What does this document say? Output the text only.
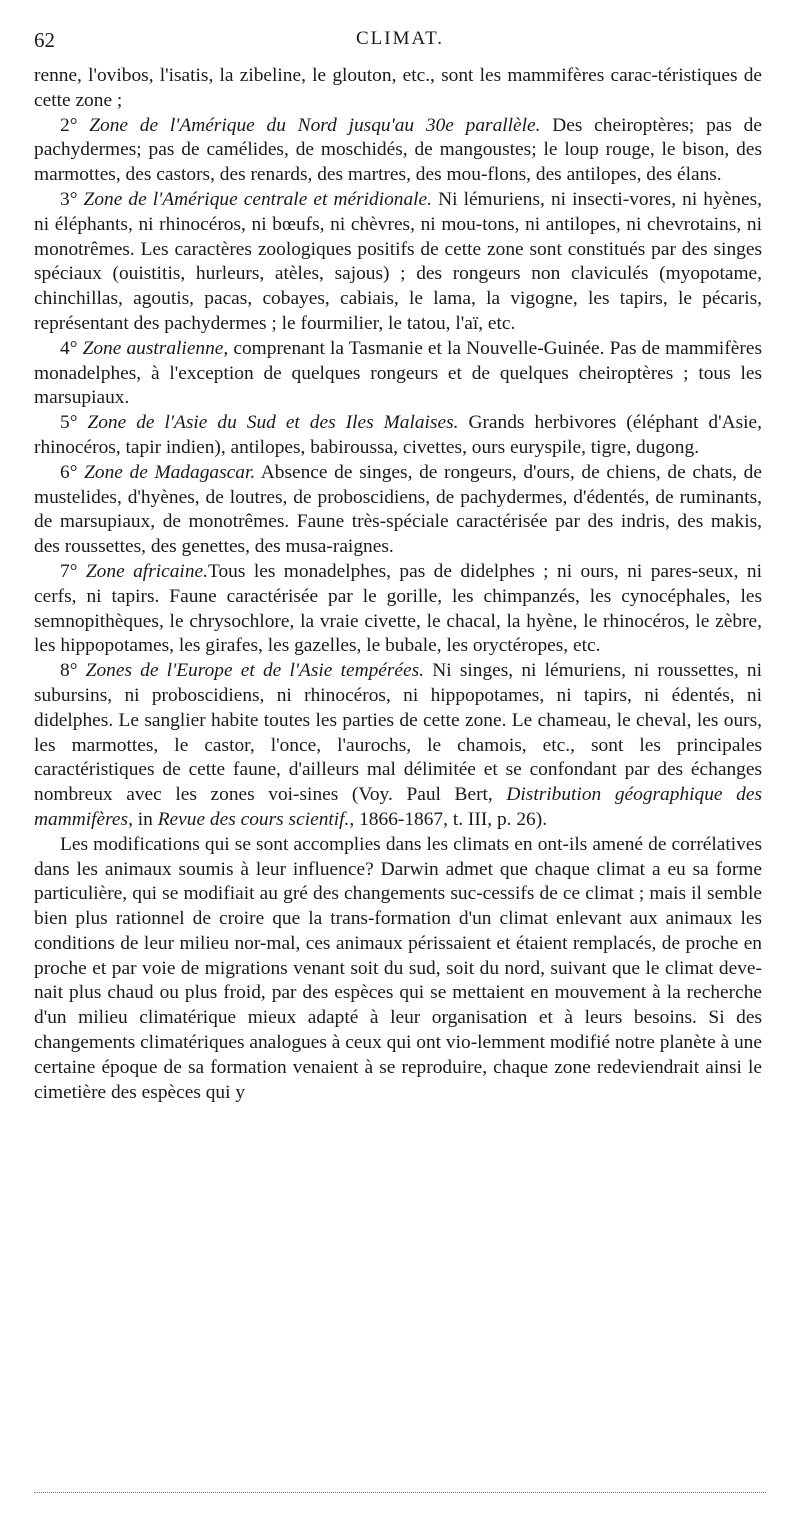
62	CLIMAT.

renne, l'ovibos, l'isatis, la zibeline, le glouton, etc., sont les mammifères carac-téristiques de cette zone ;

2° Zone de l'Amérique du Nord jusqu'au 30e parallèle. Des cheiroptères; pas de pachydermes; pas de camélides, de moschidés, de mangoustes; le loup rouge, le bison, des marmottes, des castors, des renards, des martres, des mou-flons, des antilopes, des élans.

3° Zone de l'Amérique centrale et méridionale. Ni lémuriens, ni insecti-vores, ni hyènes, ni éléphants, ni rhinocéros, ni bœufs, ni chèvres, ni mou-tons, ni antilopes, ni chevrotains, ni monotrêmes. Les caractères zoologiques positifs de cette zone sont constitués par des singes spéciaux (ouistitis, hurleurs, atèles, sajous) ; des rongeurs non claviculés (myopotame, chinchillas, agoutis, pacas, cobayes, cabiais, le lama, la vigogne, les tapirs, le pécaris, représentant des pachydermes ; le fourmilier, le tatou, l'aï, etc.

4° Zone australienne, comprenant la Tasmanie et la Nouvelle-Guinée. Pas de mammifères monadelphes, à l'exception de quelques rongeurs et de quelques cheiroptères ; tous les marsupiaux.

5° Zone de l'Asie du Sud et des Iles Malaises. Grands herbivores (éléphant d'Asie, rhinocéros, tapir indien), antilopes, babiroussa, civettes, ours euryspile, tigre, dugong.

6° Zone de Madagascar. Absence de singes, de rongeurs, d'ours, de chiens, de chats, de mustelides, d'hyènes, de loutres, de proboscidiens, de pachydermes, d'édentés, de ruminants, de marsupiaux, de monotrêmes. Faune très-spéciale caractérisée par des indris, des makis, des roussettes, des genettes, des musa-raignes.

7° Zone africaine.Tous les monadelphes, pas de didelphes ; ni ours, ni pares-seux, ni cerfs, ni tapirs. Faune caractérisée par le gorille, les chimpanzés, les cynocéphales, les semnopithèques, le chrysochlore, la vraie civette, le chacal, la hyène, le rhinocéros, le zèbre, les hippopotames, les girafes, les gazelles, le bubale, les oryctéropes, etc.

8° Zones de l'Europe et de l'Asie tempérées. Ni singes, ni lémuriens, ni roussettes, ni subursins, ni proboscidiens, ni rhinocéros, ni hippopotames, ni tapirs, ni édentés, ni didelphes. Le sanglier habite toutes les parties de cette zone. Le chameau, le cheval, les ours, les marmottes, le castor, l'once, l'aurochs, le chamois, etc., sont les principales caractéristiques de cette faune, d'ailleurs mal délimitée et se confondant par des échanges nombreux avec les zones voi-sines (Voy. Paul Bert, Distribution géographique des mammifères, in Revue des cours scientif., 1866-1867, t. III, p. 26).

Les modifications qui se sont accomplies dans les climats en ont-ils amené de corrélatives dans les animaux soumis à leur influence? Darwin admet que chaque climat a eu sa forme particulière, qui se modifiait au gré des changements suc-cessifs de ce climat ; mais il semble bien plus rationnel de croire que la trans-formation d'un climat enlevant aux animaux les conditions de leur milieu nor-mal, ces animaux périssaient et étaient remplacés, de proche en proche et par voie de migrations venant soit du sud, soit du nord, suivant que le climat deve-nait plus chaud ou plus froid, par des espèces qui se mettaient en mouvement à la recherche d'un milieu climatérique mieux adapté à leur organisation et à leurs besoins. Si des changements climatériques analogues à ceux qui ont vio-lemment modifié notre planète à une certaine époque de sa formation venaient à se reproduire, chaque zone redeviendrait ainsi le cimetière des espèces qui y
